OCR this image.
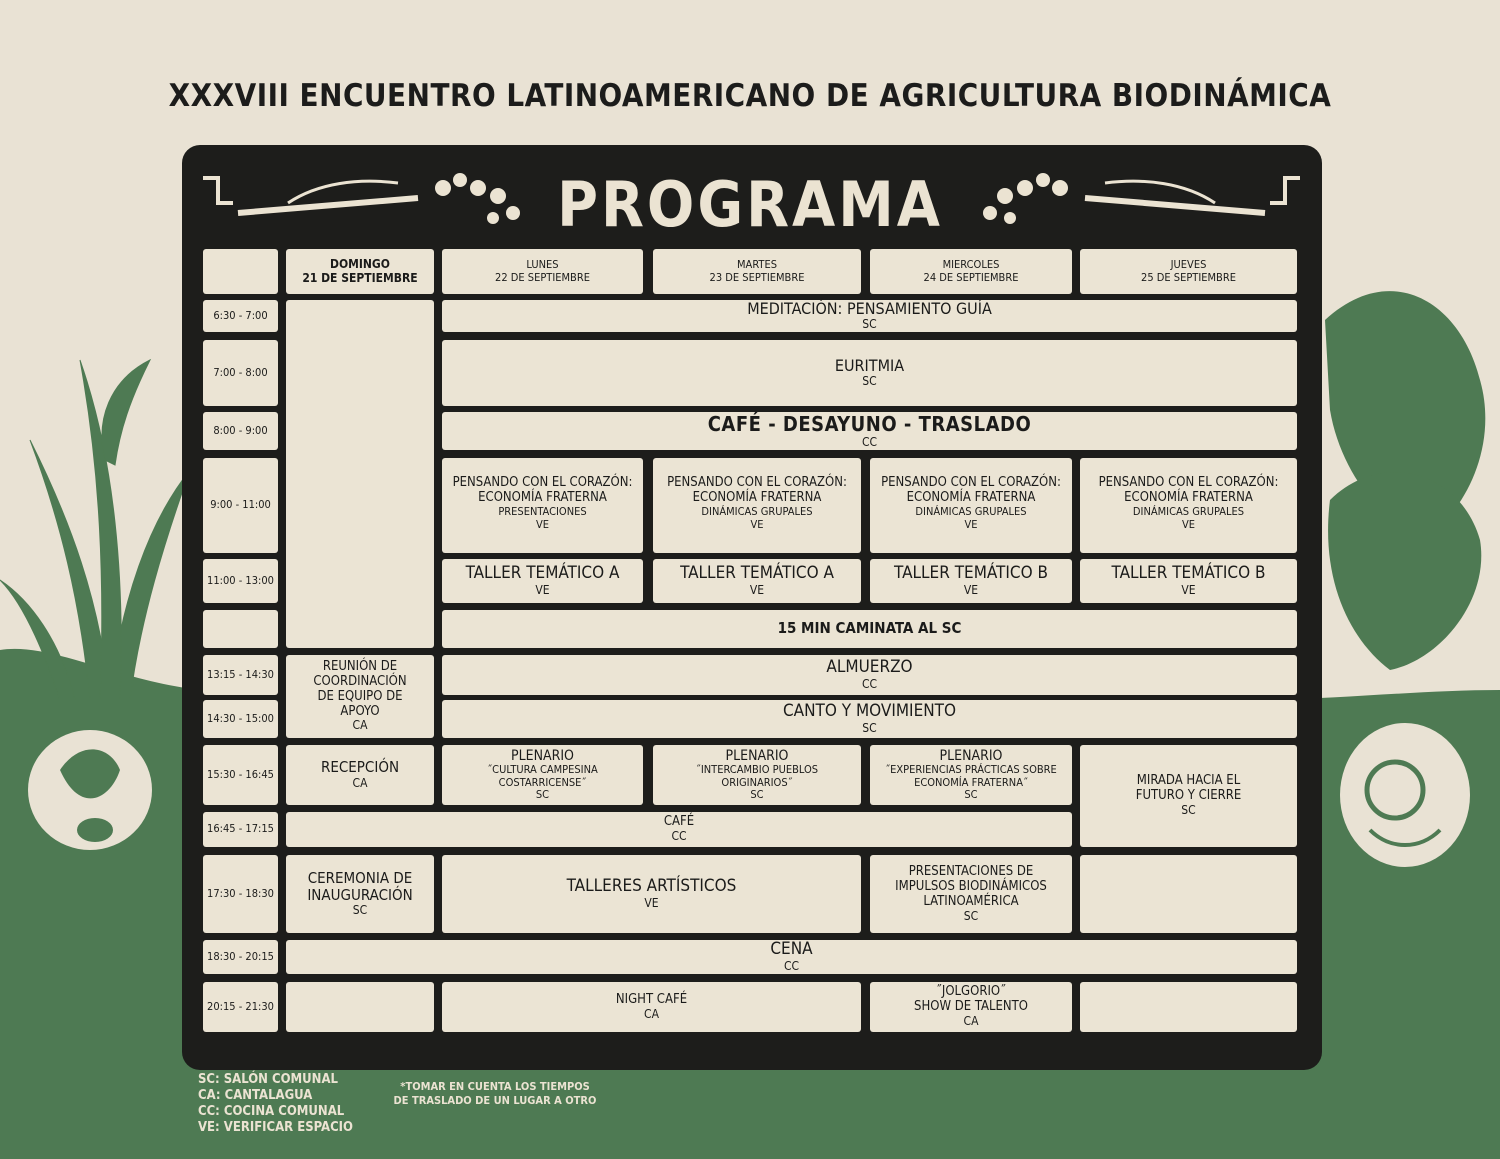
XXXVIII ENCUENTRO LATINOAMERICANO DE AGRICULTURA BIODINÁMICA
PROGRAMA
DOMINGO
21 DE SEPTIEMBRE
LUNES
22 DE SEPTIEMBRE
MARTES
23 DE SEPTIEMBRE
MIERCOLES
24 DE SEPTIEMBRE
JUEVES
25 DE SEPTIEMBRE
6:30 - 7:00
7:00 - 8:00
8:00 - 9:00
9:00 - 11:00
11:00 - 13:00
13:15 - 14:30
14:30 - 15:00
15:30 - 16:45
16:45 - 17:15
17:30 - 18:30
18:30 - 20:15
20:15 - 21:30
MEDITACIÓN: PENSAMIENTO GUÍA
SC
EURITMIA
SC
CAFÉ - DESAYUNO - TRASLADO
CC
PENSANDO CON EL CORAZÓN:
ECONOMÍA FRATERNA
PRESENTACIONES
VE
PENSANDO CON EL CORAZÓN:
ECONOMÍA FRATERNA
DINÁMICAS GRUPALES
VE
PENSANDO CON EL CORAZÓN:
ECONOMÍA FRATERNA
DINÁMICAS GRUPALES
VE
PENSANDO CON EL CORAZÓN:
ECONOMÍA FRATERNA
DINÁMICAS GRUPALES
VE
TALLER TEMÁTICO A
VE
TALLER TEMÁTICO A
VE
TALLER TEMÁTICO B
VE
TALLER TEMÁTICO B
VE
15 MIN CAMINATA AL SC
REUNIÓN DE
COORDINACIÓN
DE EQUIPO DE
APOYO
CA
ALMUERZO
CC
CANTO Y MOVIMIENTO
SC
RECEPCIÓN
CA
PLENARIO
˝CULTURA CAMPESINA
COSTARRICENSE˝
SC
PLENARIO
˝INTERCAMBIO PUEBLOS
ORIGINARIOS˝
SC
PLENARIO
˝EXPERIENCIAS PRÁCTICAS SOBRE
ECONOMÍA FRATERNA˝
SC
MIRADA HACIA EL
FUTURO Y CIERRE
SC
CAFÉ
CC
CEREMONIA DE
INAUGURACIÓN
SC
TALLERES ARTÍSTICOS
VE
PRESENTACIONES DE
IMPULSOS BIODINÁMICOS
LATINOAMÉRICA
SC
CENA
CC
NIGHT CAFÉ
CA
˝JOLGORIO˝
SHOW DE TALENTO
CA
SC: SALÓN COMUNAL
CA: CANTALAGUA
CC: COCINA COMUNAL
VE: VERIFICAR ESPACIO
*TOMAR EN CUENTA LOS TIEMPOS
DE TRASLADO DE UN LUGAR A OTRO
